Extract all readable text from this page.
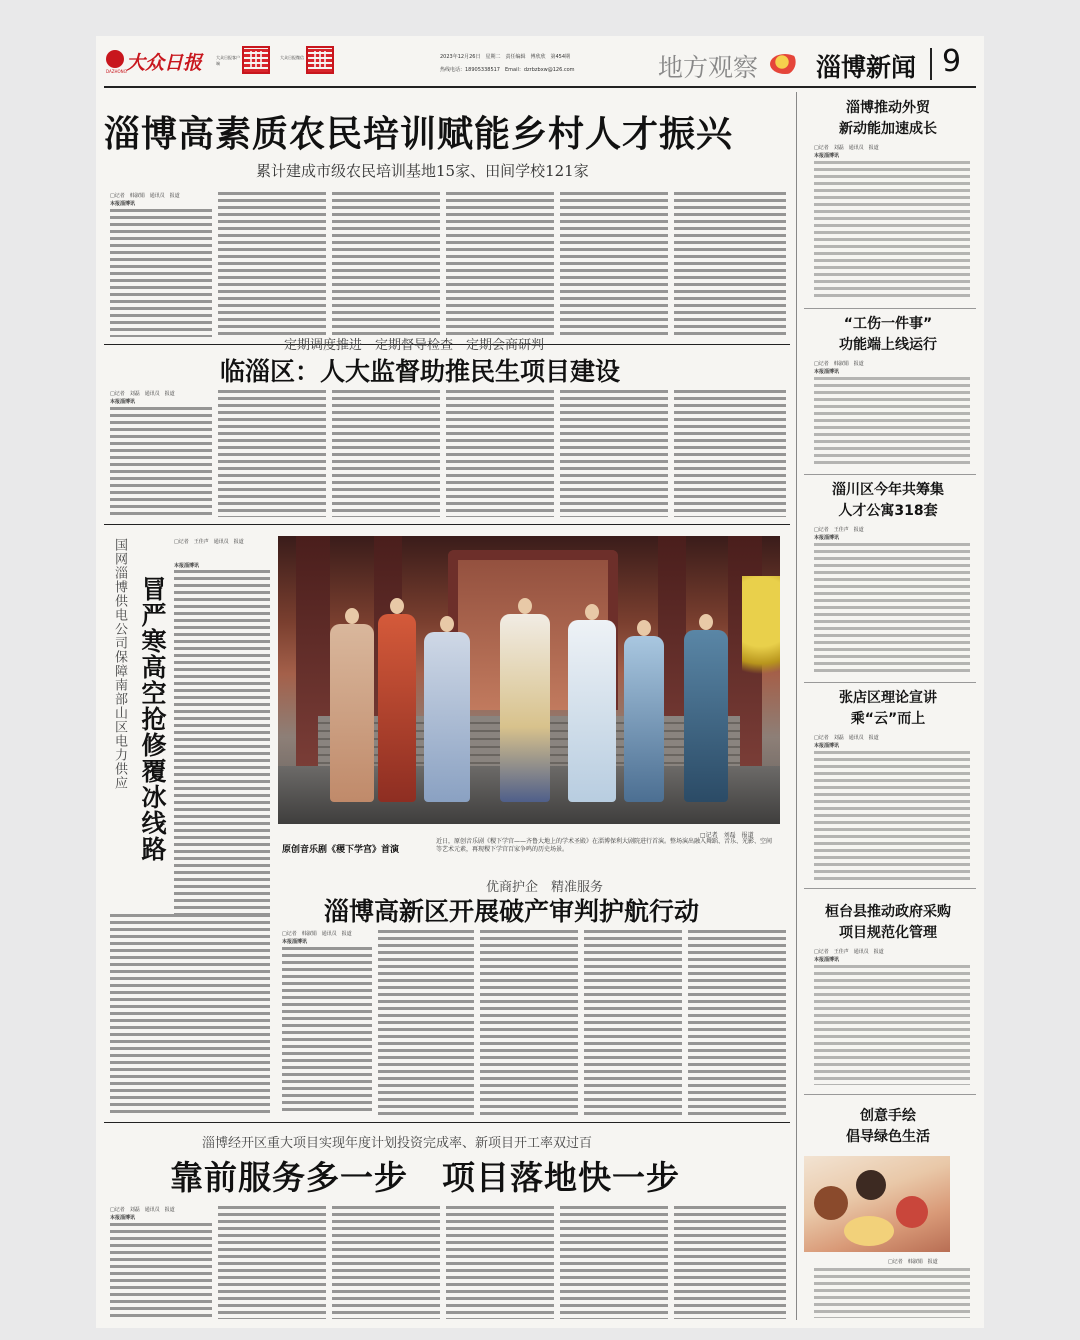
大众日报
DAZHONG
大众日报客户端
大众日报微信	2023年12月26日　星期二　责任编辑　傅欣欣　第454期
热线电话：18905338517　Email：dzrbzbxw@126.com	地方观察 淄博新闻 9
淄博高素质农民培训赋能乡村人才振兴
累计建成市级农民培训基地15家、田间学校121家
□记者　韩淑娟　通讯员　报道
本报淄博讯
定期调度推进　定期督导检查　定期会商研判
临淄区：人大监督助推民生项目建设
□记者　刘磊　通讯员　报道
本报淄博讯
国网淄博供电公司保障南部山区电力供应 冒严寒高空抢修覆冰线路
□记者　王佳声　通讯员　报道
本报淄博讯
原创音乐剧《稷下学宫》首演
近日，原创音乐剧《稷下学宫——齐鲁大地上的学术圣殿》在淄博保利大剧院进行首演。整场演出融入舞蹈、音乐、光影、空间等艺术元素，再现稷下学宫百家争鸣的历史场景。
□记者　刘磊　报道
优商护企　精准服务
淄博高新区开展破产审判护航行动
□记者　韩淑娟　通讯员　报道
本报淄博讯
淄博经开区重大项目实现年度计划投资完成率、新项目开工率双过百
靠前服务多一步　项目落地快一步
□记者　刘磊　通讯员　报道
本报淄博讯
淄博推动外贸
新动能加速成长
□记者　刘磊　通讯员　报道
本报淄博讯
“工伤一件事”
功能端上线运行
□记者　韩淑娟　报道
本报淄博讯
淄川区今年共筹集
人才公寓318套
□记者　王佳声　报道
本报淄博讯
张店区理论宣讲
乘“云”而上
□记者　刘磊　通讯员　报道
本报淄博讯
桓台县推动政府采购
项目规范化管理
□记者　王佳声　通讯员　报道
本报淄博讯
创意手绘
倡导绿色生活
□记者　韩淑娟　报道
